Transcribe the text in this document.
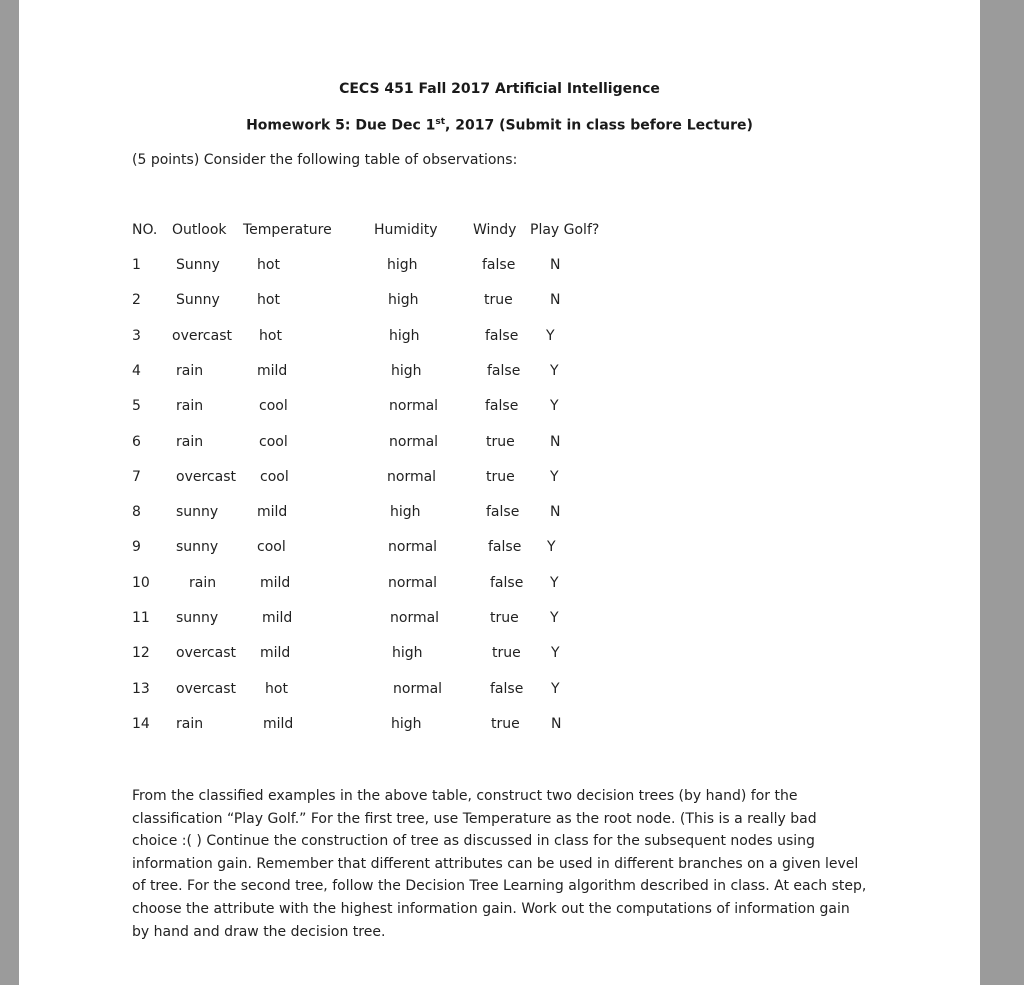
CECS 451 Fall 2017 Artificial Intelligence
Homework 5: Due Dec 1st, 2017 (Submit in class before Lecture)
(5 points) Consider the following table of observations:
NO. Outlook Temperature	Humidity	Windy Play Golf?
1	Sunny	hot	high	false N
2	Sunny	hot	high	true	N
3 overcast hot	high	false Y
4	rain	mild	high	false Y
5	rain	cool	normal	false Y
6	rain	cool	normal	true	N
7	overcast cool	normal	true	Y
8	sunny	mild	high	false N
9	sunny	cool	normal	false Y
10	rain	mild	normal	false Y
11 sunny	mild	normal	true Y
12 overcast mild	high	true Y
13 overcast hot	normal	false Y
14 rain	mild	high	true N

From the classified examples in the above table, construct two decision trees (by hand) for the

classification “Play Golf.” For the first tree, use Temperature as the root node. (This is a really bad

choice :( ) Continue the construction of tree as discussed in class for the subsequent nodes using

information gain. Remember that different attributes can be used in different branches on a given level

of tree. For the second tree, follow the Decision Tree Learning algorithm described in class. At each step,

choose the attribute with the highest information gain. Work out the computations of information gain

by hand and draw the decision tree.
